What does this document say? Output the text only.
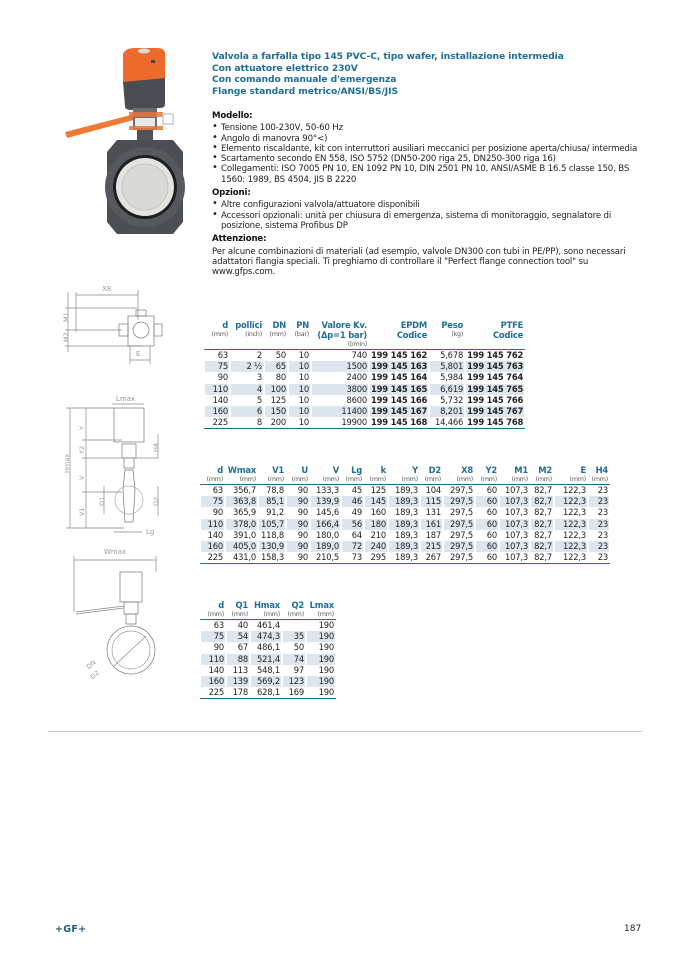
X8
M2
M1
E
Lmax
Hmax
Y
Y2
V
V1
Q1
H4
Q2
Lg
Wmax
DN
D2
Valvola a farfalla tipo 145 PVC-C, tipo wafer, installazione intermedia
Con attuatore elettrico 230V
Con comando manuale d'emergenza
Flange standard metrico/ANSI/BS/JIS
Modello:
• Tensione 100-230V, 50-60 Hz
• Angolo di manovra 90°<)
• Elemento riscaldante, kit con interruttori ausiliari meccanici per posizione aperta/chiusa/ intermedia
• Scartamento secondo EN 558, ISO 5752 (DN50-200 riga 25, DN250-300 riga 16)
• Collegamenti: ISO 7005 PN 10, EN 1092 PN 10, DIN 2501 PN 10, ANSI/ASME B 16.5 classe 150, BS 1560: 1989, BS 4504, JIS B 2220
Opzioni:
• Altre configurazioni valvola/attuatore disponibili
• Accessori opzionali: unità per chiusura di emergenza, sistema di monitoraggio, segnalatore di posizione, sistema Profibus DP
Attenzione:
Per alcune combinazioni di materiali (ad esempio, valvole DN300 con tubi in PE/PP), sono necessari adattatori flangia speciali. Ti preghiamo di controllare il "Perfect flange connection tool" su www.gfps.com.
d
(mm)	pollici
(inch)	DN
(mm)	PN
(bar)	Valore Kv.
(Δp=1 bar)
(l/min)	EPDM
Codice	Peso
(kg)	PTFE
Codice

63	2	50	10	740	199 145 162	5,678	199 145 762

75	2 ½	65	10	1500	199 145 163	5,801	199 145 763

90	3	80	10	2400	199 145 164	5,984	199 145 764

110	4	100	10	3800	199 145 165	6,619	199 145 765

140	5	125	10	8600	199 145 166	5,732	199 145 766

160	6	150	10	11400	199 145 167	8,201	199 145 767

225	8	200	10	19900	199 145 168	14,466	199 145 768
d
(mm)	Wmax
(mm)	V1
(mm)	U
(mm)	V
(mm)	Lg
(mm)	k
(mm)	Y
(mm)	D2
(mm)	X8
(mm)	Y2
(mm)	M1
(mm)	M2
(mm)	E
(mm)	H4
(mm)

63	356,7	78,8	90	133,3	45	125	189,3	104	297,5	60	107,3	82,7	122,3	23

75	363,8	85,1	90	139,9	46	145	189,3	115	297,5	60	107,3	82,7	122,3	23

90	365,9	91,2	90	145,6	49	160	189,3	131	297,5	60	107,3	82,7	122,3	23

110	378,0	105,7	90	166,4	56	180	189,3	161	297,5	60	107,3	82,7	122,3	23

140	391,0	118,8	90	180,0	64	210	189,3	187	297,5	60	107,3	82,7	122,3	23

160	405,0	130,9	90	189,0	72	240	189,3	215	297,5	60	107,3	82,7	122,3	23

225	431,0	158,3	90	210,5	73	295	189,3	267	297,5	60	107,3	82,7	122,3	23
d
(mm)	Q1
(mm)	Hmax
(mm)	Q2
(mm)	Lmax
(mm)

63	40	461,4		190

75	54	474,3	35	190

90	67	486,1	50	190

110	88	521,4	74	190

140	113	548,1	97	190

160	139	569,2	123	190

225	178	628,1	169	190
+GF+	187
